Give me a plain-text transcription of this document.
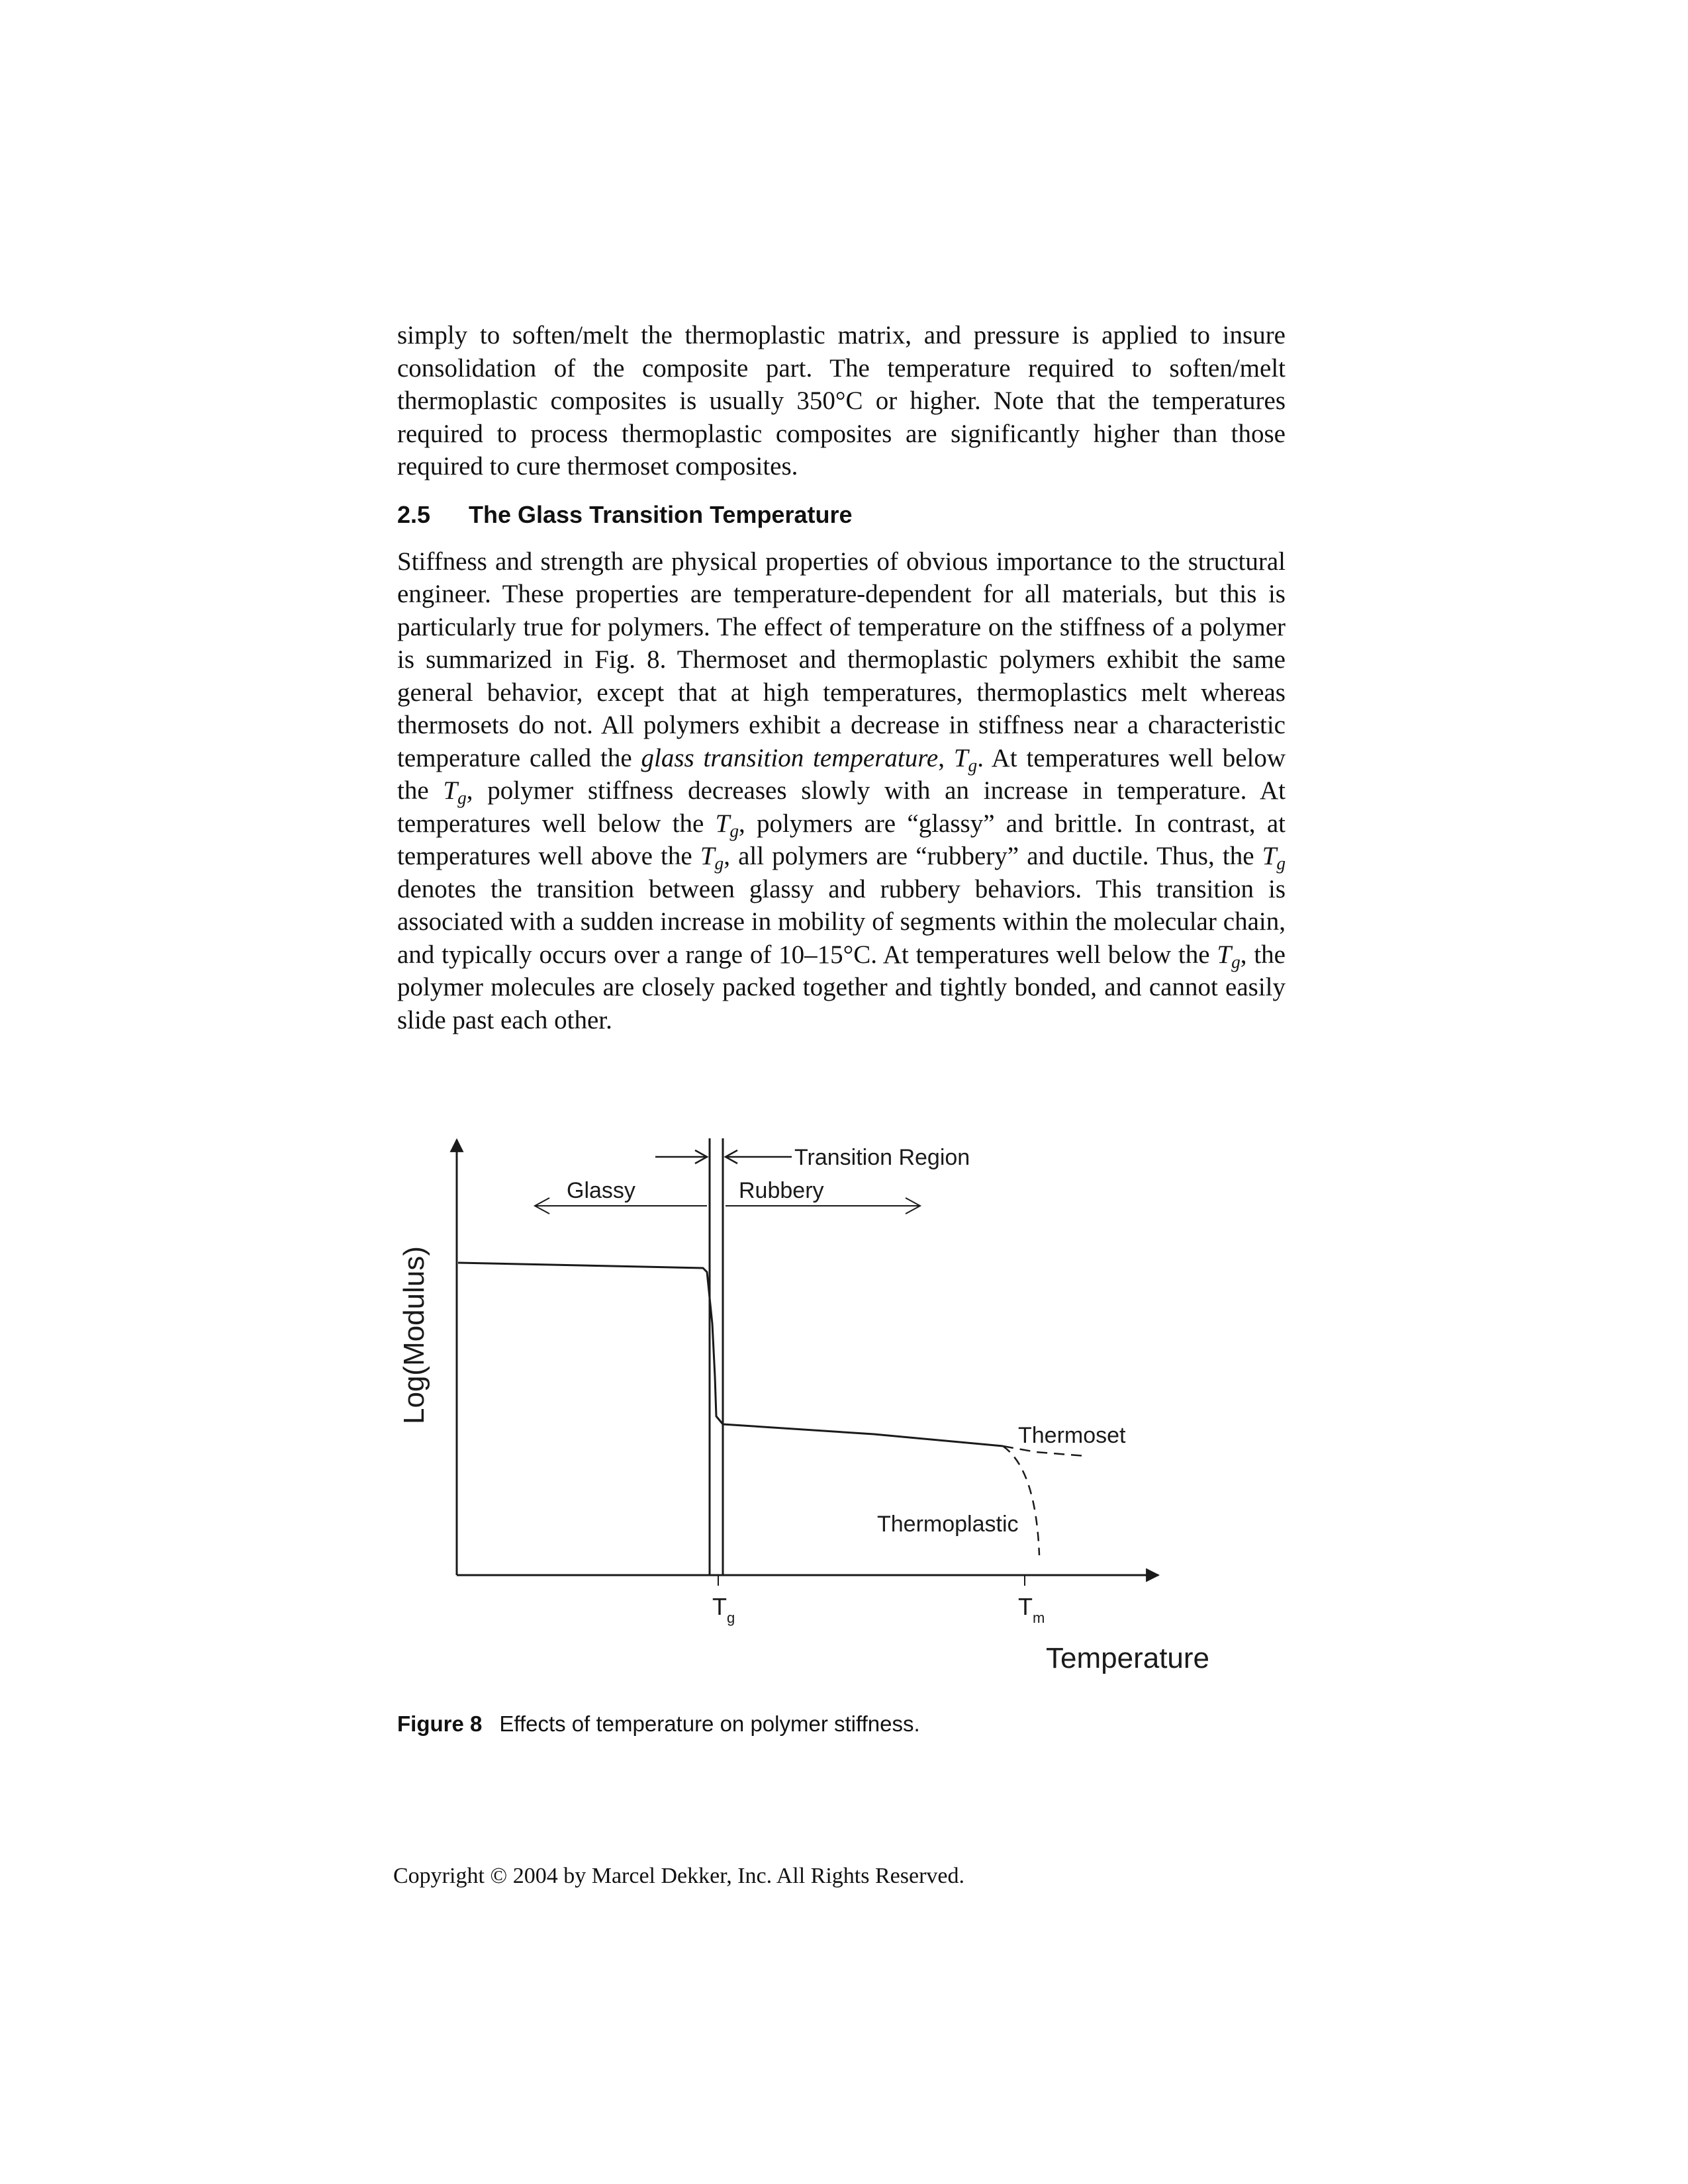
simply to soften/melt the thermoplastic matrix, and pressure is applied to insure consolidation of the composite part. The temperature required to soften/melt thermoplastic composites is usually 350°C or higher. Note that the temperatures required to process thermoplastic composites are significantly higher than those required to cure thermoset composites.

2.5 The Glass Transition Temperature

Stiffness and strength are physical properties of obvious importance to the structural engineer. These properties are temperature-dependent for all materials, but this is particularly true for polymers. The effect of temperature on the stiffness of a polymer is summarized in Fig. 8. Thermoset and thermoplastic polymers exhibit the same general behavior, except that at high temperatures, thermoplastics melt whereas thermosets do not. All polymers exhibit a decrease in stiffness near a characteristic temperature called the glass transition temperature, $T_g$. At temperatures well below the $T_g$, polymer stiffness decreases slowly with an increase in temperature. At temperatures well below the $T_g$, polymers are “glassy” and brittle. In contrast, at temperatures well above the $T_g$, all polymers are “rubbery” and ductile. Thus, the $T_g$ denotes the transition between glassy and rubbery behaviors. This transition is associated with a sudden increase in mobility of segments within the molecular chain, and typically occurs over a range of 10–15°C. At temperatures well below the $T_g$, the polymer molecules are closely packed together and tightly bonded, and cannot easily slide past each other.

Transition Region
Glassy	Rubbery
Thermoset
Thermoplastic
$T_g$	$T_m$
Temperature
Log(Modulus)
Figure 8 Effects of temperature on polymer stiffness.
Copyright © 2004 by Marcel Dekker, Inc. All Rights Reserved.
